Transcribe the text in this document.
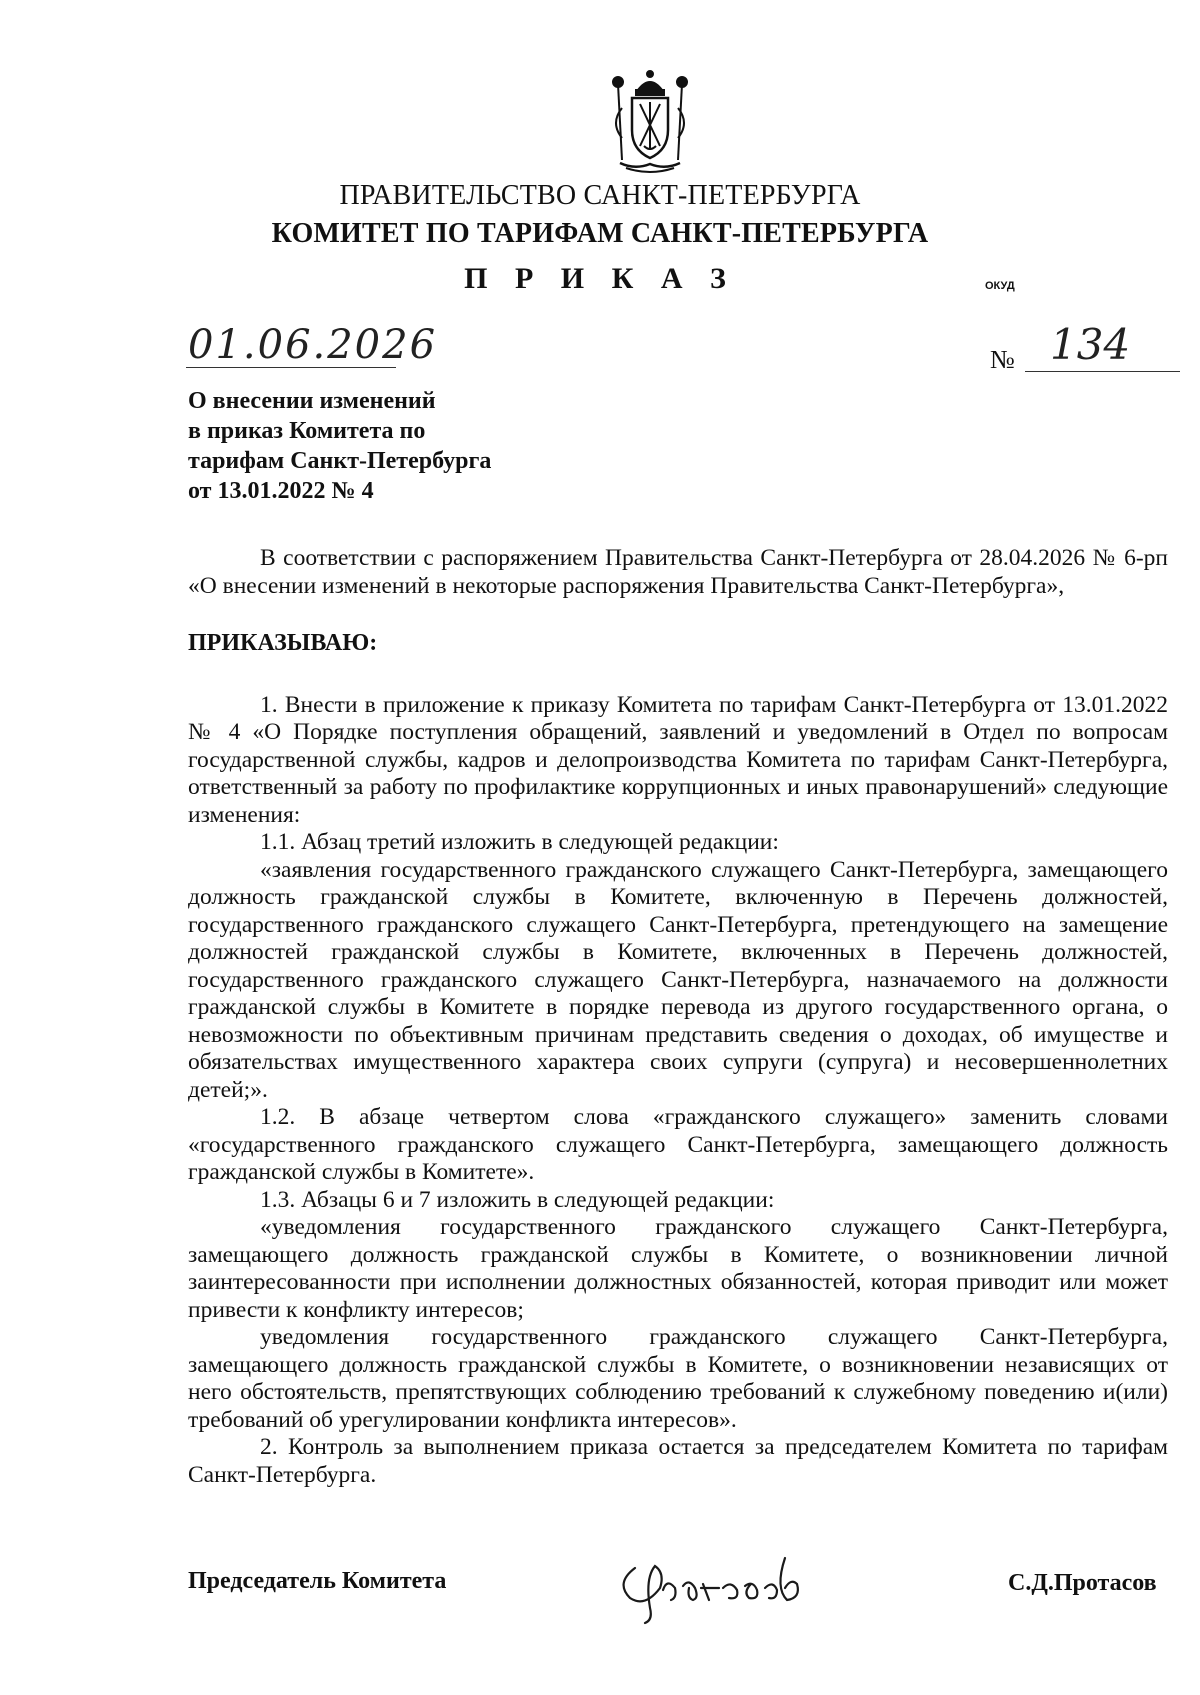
ПРАВИТЕЛЬСТВО САНКТ-ПЕТЕРБУРГА
КОМИТЕТ ПО ТАРИФАМ САНКТ-ПЕТЕРБУРГА
П Р И К А З	ОКУД
01.06.2026	№ 134
О внесении изменений
в приказ Комитета по
тарифам Санкт-Петербурга
от 13.01.2022 № 4

В соответствии с распоряжением Правительства Санкт-Петербурга от 28.04.2026 № 6-рп «О внесении изменений в некоторые распоряжения Правительства Санкт-Петербурга»,

ПРИКАЗЫВАЮ:

1. Внести в приложение к приказу Комитета по тарифам Санкт-Петербурга от 13.01.2022 № 4 «О Порядке поступления обращений, заявлений и уведомлений в Отдел по вопросам государственной службы, кадров и делопроизводства Комитета по тарифам Санкт-Петербурга, ответственный за работу по профилактике коррупционных и иных правонарушений» следующие изменения:

1.1. Абзац третий изложить в следующей редакции:

«заявления государственного гражданского служащего Санкт-Петербурга, замещающего должность гражданской службы в Комитете, включенную в Перечень должностей, государственного гражданского служащего Санкт-Петербурга, претендующего на замещение должностей гражданской службы в Комитете, включенных в Перечень должностей, государственного гражданского служащего Санкт-Петербурга, назначаемого на должности гражданской службы в Комитете в порядке перевода из другого государственного органа, о невозможности по объективным причинам представить сведения о доходах, об имуществе и обязательствах имущественного характера своих супруги (супруга) и несовершеннолетних детей;».

1.2. В абзаце четвертом слова «гражданского служащего» заменить словами «государственного гражданского служащего Санкт-Петербурга, замещающего должность гражданской службы в Комитете».

1.3. Абзацы 6 и 7 изложить в следующей редакции:

«уведомления государственного гражданского служащего Санкт-Петербурга, замещающего должность гражданской службы в Комитете, о возникновении личной заинтересованности при исполнении должностных обязанностей, которая приводит или может привести к конфликту интересов;

уведомления государственного гражданского служащего Санкт-Петербурга, замещающего должность гражданской службы в Комитете, о возникновении независящих от него обстоятельств, препятствующих соблюдению требований к служебному поведению и(или) требований об урегулировании конфликта интересов».

2. Контроль за выполнением приказа остается за председателем Комитета по тарифам Санкт-Петербурга.

Председатель Комитета	С.Д.Протасов
